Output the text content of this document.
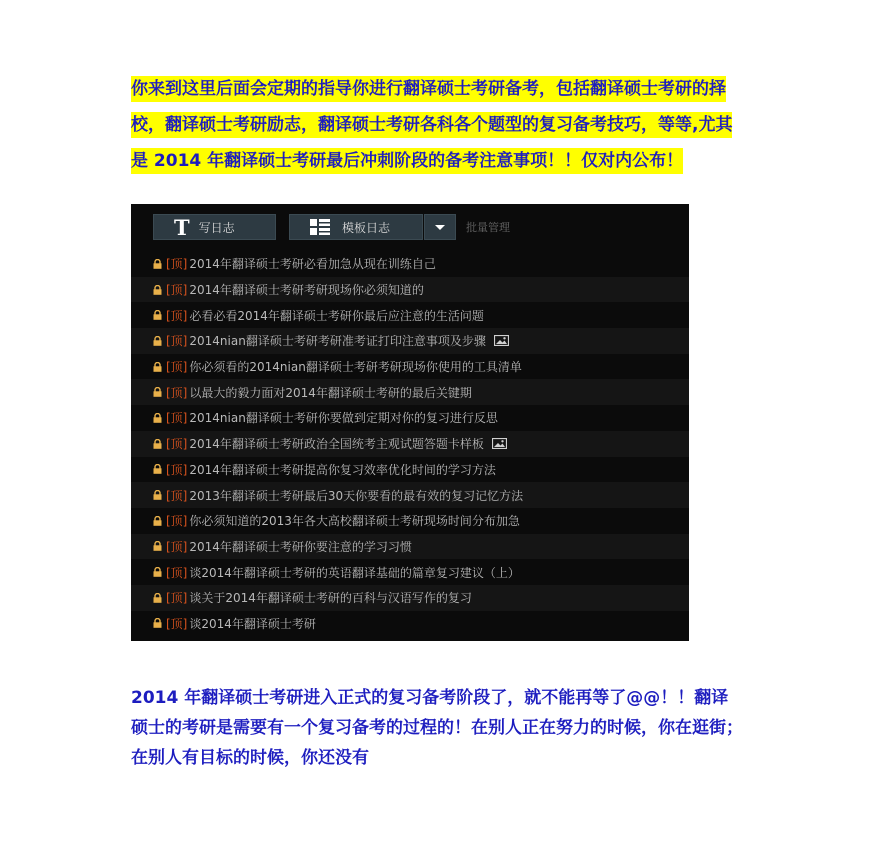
你来到这里后面会定期的指导你进行翻译硕士考研备考，包括翻译硕士考研的择校，翻译硕士考研励志，翻译硕士考研各科各个题型的复习备考技巧，等等,尤其是 2014 年翻译硕士考研最后冲刺阶段的备考注意事项！！仅对内公布！
T 写日志	模板日志	批量管理
[顶] 2014年翻译硕士考研必看加急从现在训练自己
[顶] 2014年翻译硕士考研考研现场你必须知道的
[顶] 必看必看2014年翻译硕士考研你最后应注意的生活问题
[顶] 2014nian翻译硕士考研考研准考证打印注意事项及步骤
[顶] 你必须看的2014nian翻译硕士考研考研现场你使用的工具清单
[顶] 以最大的毅力面对2014年翻译硕士考研的最后关键期
[顶] 2014nian翻译硕士考研你要做到定期对你的复习进行反思
[顶] 2014年翻译硕士考研政治全国统考主观试题答题卡样板
[顶] 2014年翻译硕士考研提高你复习效率优化时间的学习方法
[顶] 2013年翻译硕士考研最后30天你要看的最有效的复习记忆方法
[顶] 你必须知道的2013年各大高校翻译硕士考研现场时间分布加急
[顶] 2014年翻译硕士考研你要注意的学习习惯
[顶] 谈2014年翻译硕士考研的英语翻译基础的篇章复习建议（上）
[顶] 谈关于2014年翻译硕士考研的百科与汉语写作的复习
[顶] 谈2014年翻译硕士考研
2014 年翻译硕士考研进入正式的复习备考阶段了，就不能再等了@@！！翻译硕士的考研是需要有一个复习备考的过程的！在别人正在努力的时候，你在逛街；在别人有目标的时候，你还没有
